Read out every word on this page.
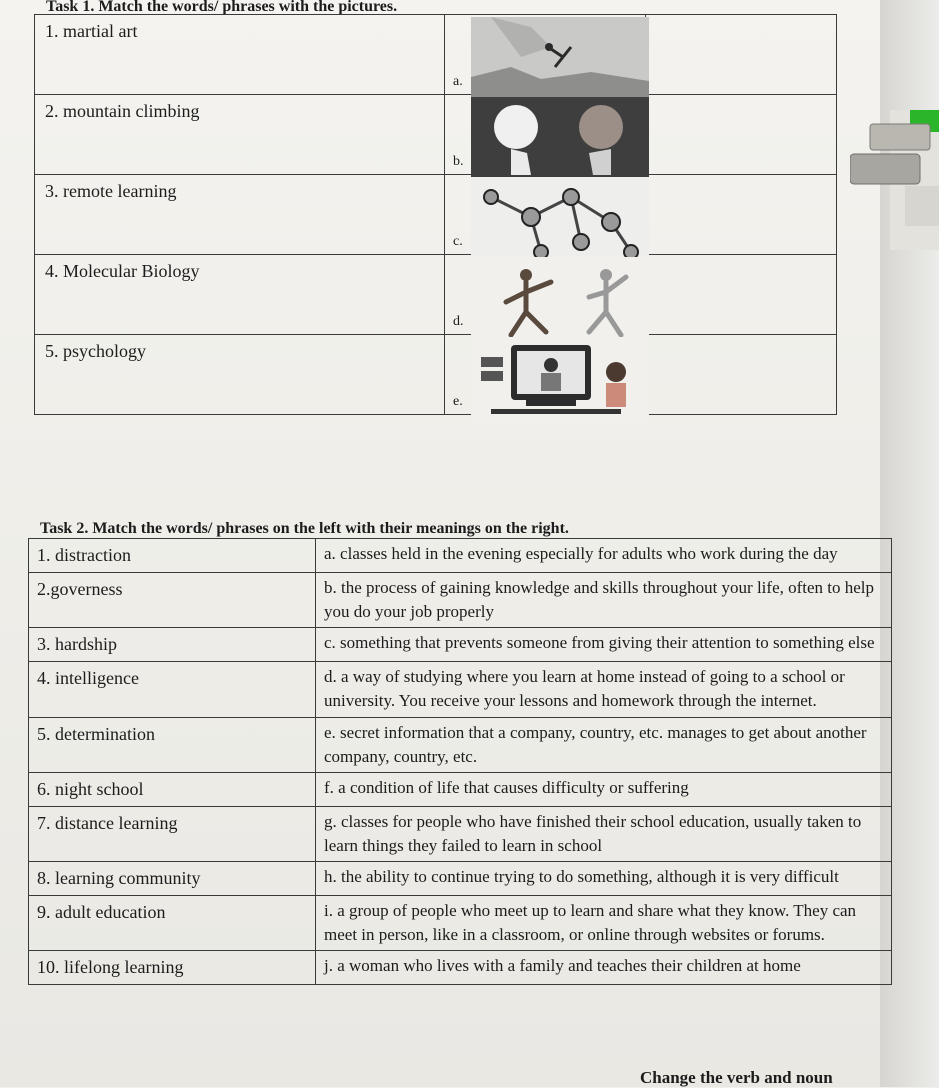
Task 1. Match the words/ phrases with the pictures.
1. martial art	a.	

2. mountain climbing	b.	

3. remote learning	c.	

4. Molecular Biology	d.	

5. psychology	e.	

Task 2. Match the words/ phrases on the left with their meanings on the right.
1. distraction	a. classes held in the evening especially for adults who work during the day
2.governess	b. the process of gaining knowledge and skills throughout your life, often to help you do your job properly
3. hardship	c. something that prevents someone from giving their attention to something else
4. intelligence	d. a way of studying where you learn at home instead of going to a school or university. You receive your lessons and homework through the internet.
5. determination	e. secret information that a company, country, etc. manages to get about another company, country, etc.
6. night school	f. a condition of life that causes difficulty or suffering
7. distance learning	g. classes for people who have finished their school education, usually taken to learn things they failed to learn in school
8. learning community	h. the ability to continue trying to do something, although it is very difficult
9. adult education	i. a group of people who meet up to learn and share what they know. They can meet in person, like in a classroom, or online through websites or forums.
10. lifelong learning	j. a woman who lives with a family and teaches their children at home
Change the verb and noun
